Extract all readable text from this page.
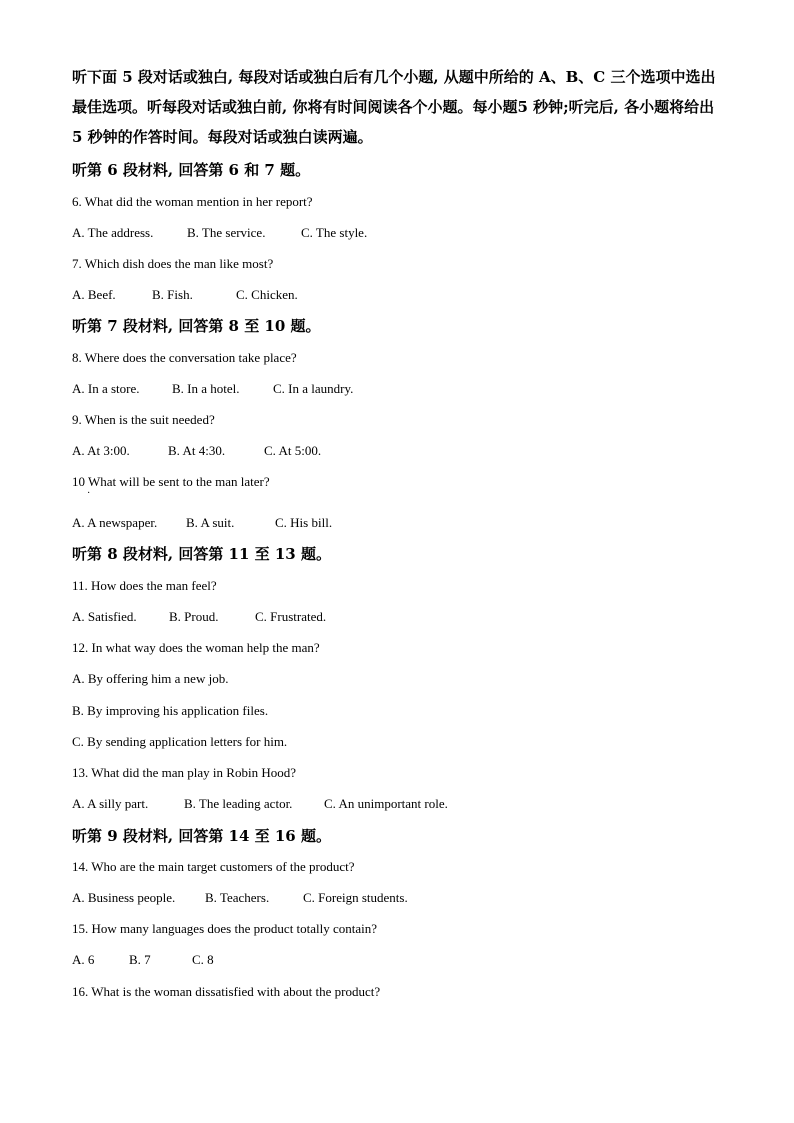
听下面 5 段对话或独白, 每段对话或独白后有几个小题, 从题中所给的 A、B、C 三个选项中选出最佳选项。听每段对话或独白前, 你将有时间阅读各个小题。每小题5 秒钟;听完后, 各小题将给出 5 秒钟的作答时间。每段对话或独白读两遍。

听第 6 段材料, 回答第 6 和 7 题。
6. What did the woman mention in her report?
A. The address.	B. The service.	C. The style.
7. Which dish does the man like most?
A. Beef.	B. Fish.	C. Chicken.
听第 7 段材料, 回答第 8 至 10 题。
8. Where does the conversation take place?
A. In a store. B. In a hotel.	C. In a laundry.
9. When is the suit needed?
A. At 3:00.	B. At 4:30.	C. At 5:00.
10 What will be sent to the man later?
·
A. A newspaper. B. A suit.	C. His bill.
听第 8 段材料, 回答第 11 至 13 题。
11. How does the man feel?
A. Satisfied. B. Proud.	C. Frustrated.
12. In what way does the woman help the man?
A. By offering him a new job.
B. By improving his application files.
C. By sending application letters for him.
13. What did the man play in Robin Hood?
A. A silly part.	B. The leading actor. C. An unimportant role.
听第 9 段材料, 回答第 14 至 16 题。
14. Who are the main target customers of the product?
A. Business people. B. Teachers.	C. Foreign students.
15. How many languages does the product totally contain?
A. 6	B. 7	C. 8
16. What is the woman dissatisfied with about the product?
